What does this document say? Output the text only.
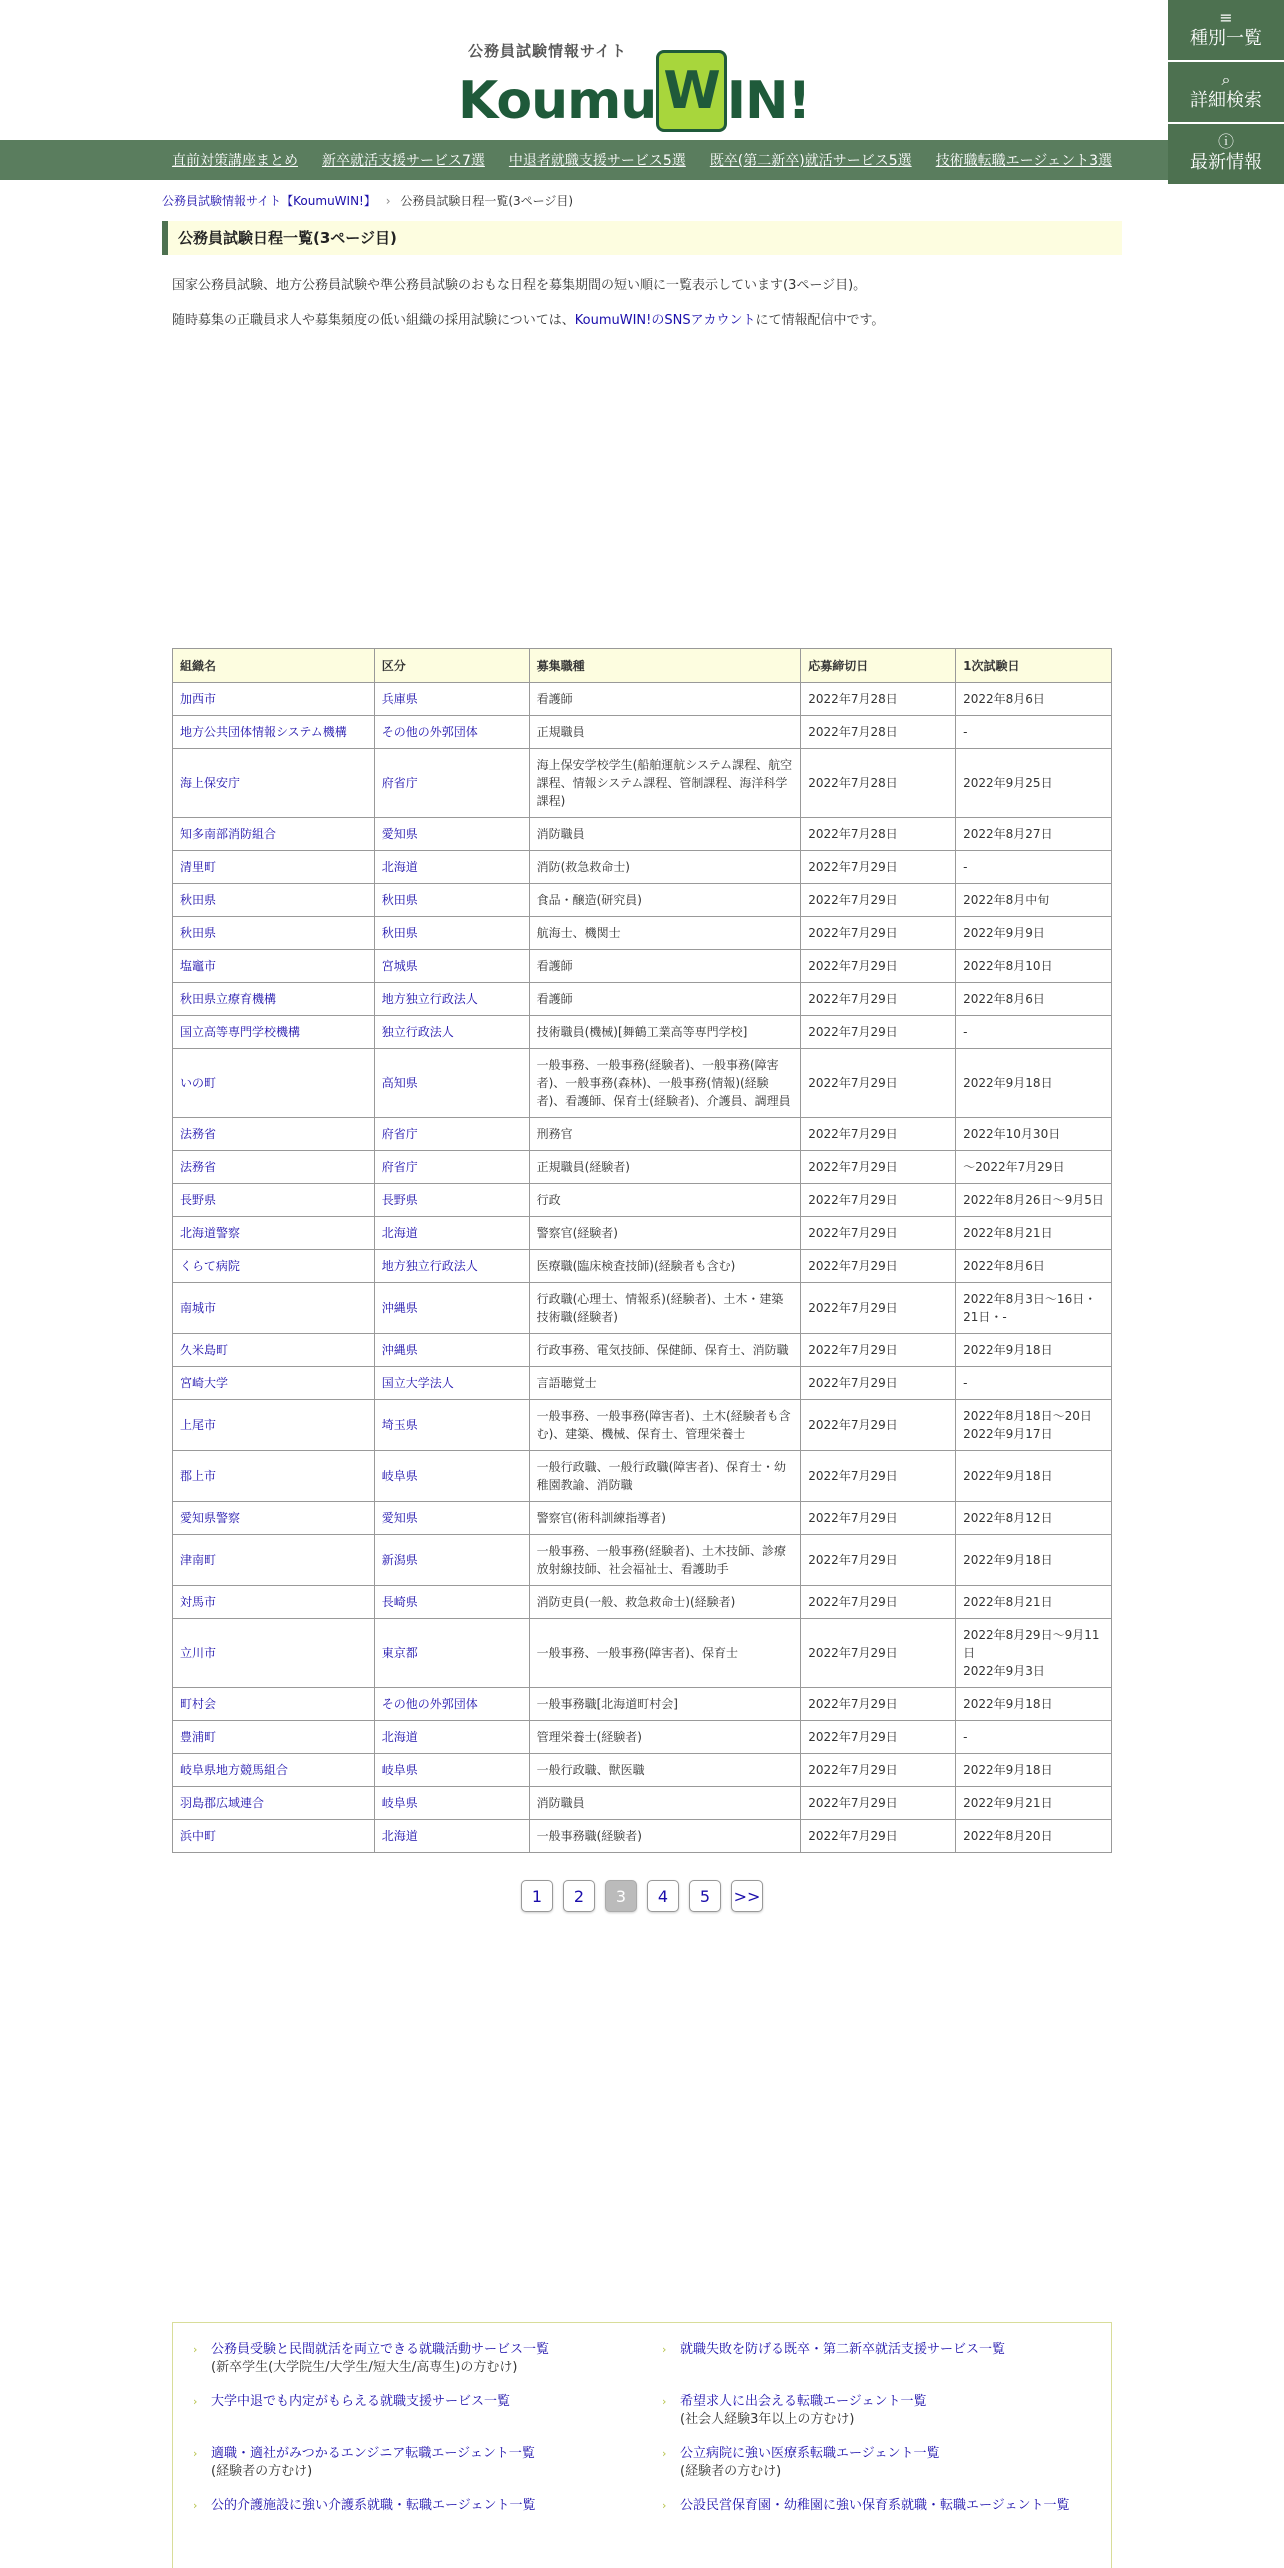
公務員試験情報サイト
Koumu W IN!
≡
種別一覧
⌕
詳細検索
ⓘ
最新情報
直前対策講座まとめ 新卒就活支援サービス7選 中退者就職支援サービス5選 既卒(第二新卒)就活サービス5選 技術職転職エージェント3選
公務員試験情報サイト【KoumuWIN!】 › 公務員試験日程一覧(3ページ目)
公務員試験日程一覧(3ページ目)

国家公務員試験、地方公務員試験や準公務員試験のおもな日程を募集期間の短い順に一覧表示しています(3ページ目)。

随時募集の正職員求人や募集頻度の低い組織の採用試験については、KoumuWIN!のSNSアカウントにて情報配信中です。

組織名	区分	募集職種	応募締切日	1次試験日
加西市	兵庫県	看護師	2022年7月28日	2022年8月6日
地方公共団体情報システム機構	その他の外郭団体	正規職員	2022年7月28日	-
海上保安庁	府省庁	海上保安学校学生(船舶運航システム課程、航空課程、情報システム課程、管制課程、海洋科学課程)	2022年7月28日	2022年9月25日
知多南部消防組合	愛知県	消防職員	2022年7月28日	2022年8月27日
清里町	北海道	消防(救急救命士)	2022年7月29日	-
秋田県	秋田県	食品・醸造(研究員)	2022年7月29日	2022年8月中旬
秋田県	秋田県	航海士、機関士	2022年7月29日	2022年9月9日
塩竈市	宮城県	看護師	2022年7月29日	2022年8月10日
秋田県立療育機構	地方独立行政法人	看護師	2022年7月29日	2022年8月6日
国立高等専門学校機構	独立行政法人	技術職員(機械)[舞鶴工業高等専門学校]	2022年7月29日	-
いの町	高知県	一般事務、一般事務(経験者)、一般事務(障害者)、一般事務(森林)、一般事務(情報)(経験者)、看護師、保育士(経験者)、介護員、調理員	2022年7月29日	2022年9月18日
法務省	府省庁	刑務官	2022年7月29日	2022年10月30日
法務省	府省庁	正規職員(経験者)	2022年7月29日	～2022年7月29日
長野県	長野県	行政	2022年7月29日	2022年8月26日～9月5日
北海道警察	北海道	警察官(経験者)	2022年7月29日	2022年8月21日
くらて病院	地方独立行政法人	医療職(臨床検査技師)(経験者も含む)	2022年7月29日	2022年8月6日
南城市	沖縄県	行政職(心理士、情報系)(経験者)、土木・建築技術職(経験者)	2022年7月29日	2022年8月3日～16日・21日・-
久米島町	沖縄県	行政事務、電気技師、保健師、保育士、消防職	2022年7月29日	2022年9月18日
宮崎大学	国立大学法人	言語聴覚士	2022年7月29日	-
上尾市	埼玉県	一般事務、一般事務(障害者)、土木(経験者も含む)、建築、機械、保育士、管理栄養士	2022年7月29日	2022年8月18日～20日
2022年9月17日
郡上市	岐阜県	一般行政職、一般行政職(障害者)、保育士・幼稚園教諭、消防職	2022年7月29日	2022年9月18日
愛知県警察	愛知県	警察官(術科訓練指導者)	2022年7月29日	2022年8月12日
津南町	新潟県	一般事務、一般事務(経験者)、土木技師、診療放射線技師、社会福祉士、看護助手	2022年7月29日	2022年9月18日
対馬市	長崎県	消防吏員(一般、救急救命士)(経験者)	2022年7月29日	2022年8月21日
立川市	東京都	一般事務、一般事務(障害者)、保育士	2022年7月29日	2022年8月29日～9月11日
2022年9月3日
町村会	その他の外郭団体	一般事務職[北海道町村会]	2022年7月29日	2022年9月18日
豊浦町	北海道	管理栄養士(経験者)	2022年7月29日	-
岐阜県地方競馬組合	岐阜県	一般行政職、獣医職	2022年7月29日	2022年9月18日
羽島郡広域連合	岐阜県	消防職員	2022年7月29日	2022年9月21日
浜中町	北海道	一般事務職(経験者)	2022年7月29日	2022年8月20日
1	2	3	4	5	>>
› 公務員受験と民間就活を両立できる就職活動サービス一覧
(新卒学生(大学院生/大学生/短大生/高専生)の方むけ)
› 就職失敗を防げる既卒・第二新卒就活支援サービス一覧
› 大学中退でも内定がもらえる就職支援サービス一覧	› 希望求人に出会える転職エージェント一覧
(社会人経験3年以上の方むけ)
› 適職・適社がみつかるエンジニア転職エージェント一覧
(経験者の方むけ)
› 公立病院に強い医療系転職エージェント一覧
(経験者の方むけ)
› 公的介護施設に強い介護系就職・転職エージェント一覧	› 公設民営保育園・幼稚園に強い保育系就職・転職エージェント一覧
